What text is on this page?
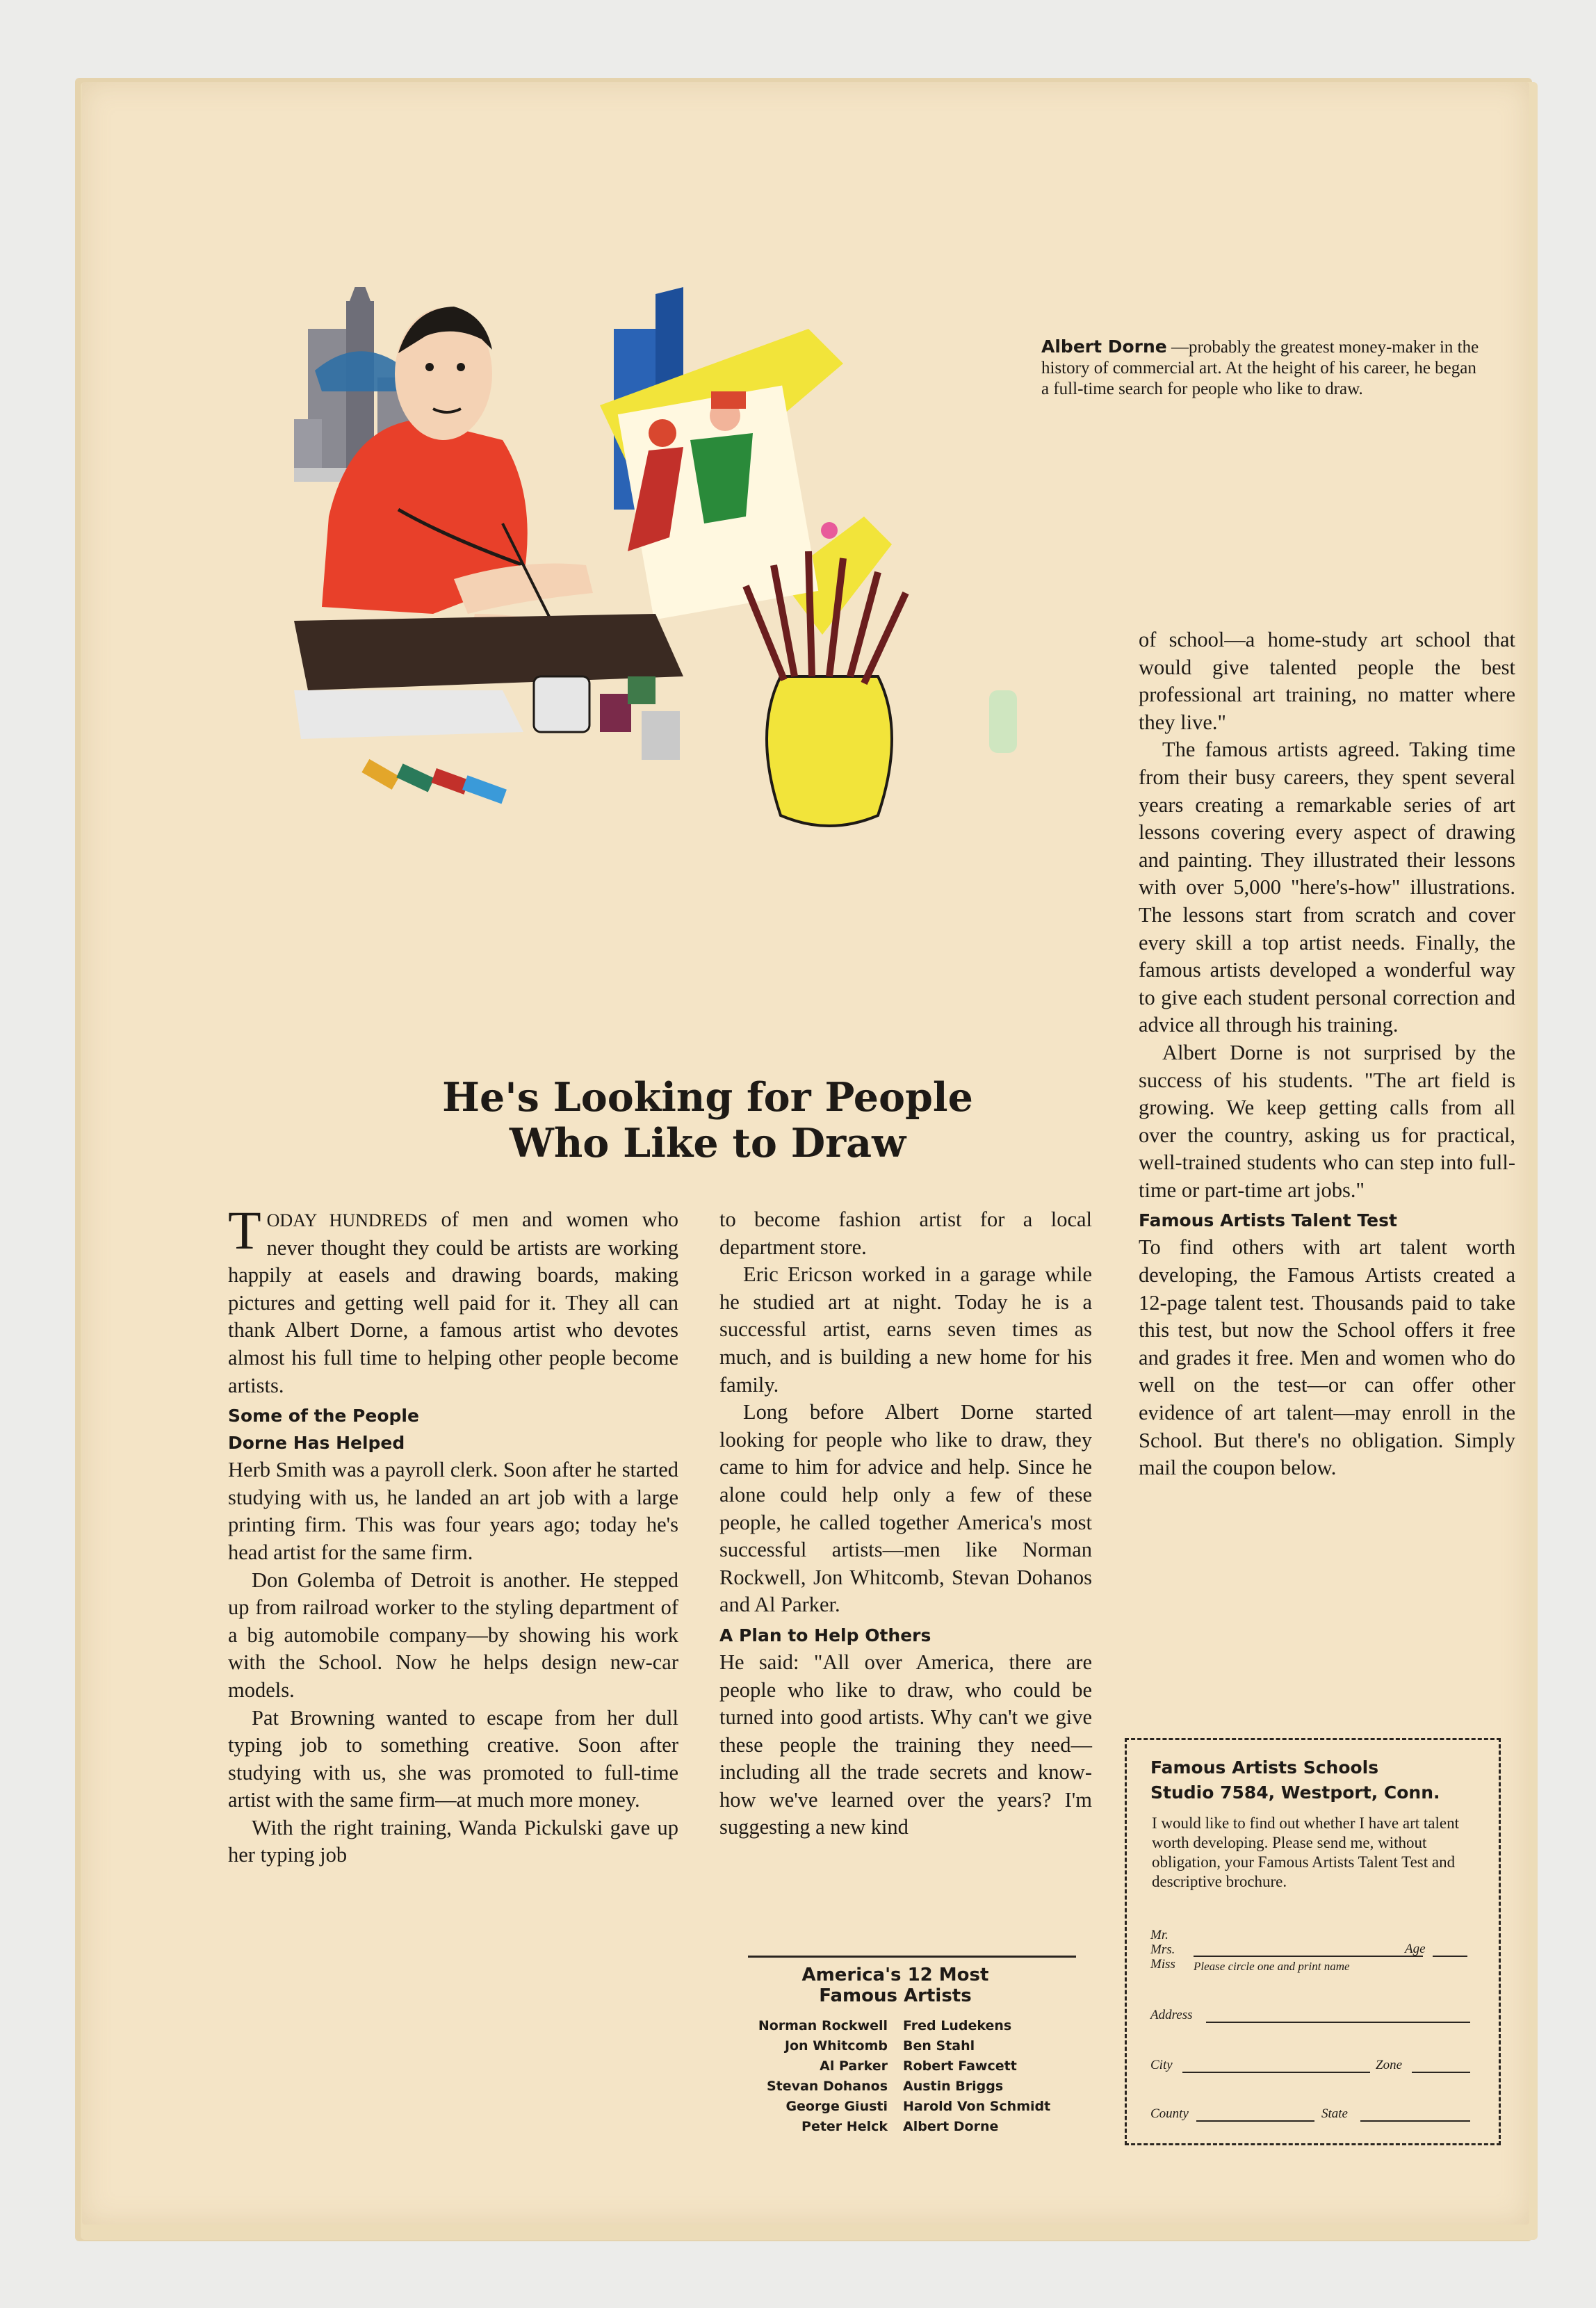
Albert Dorne —probably the greatest money-maker in the history of commercial art. At the height of his career, he began a full-time search for people who like to draw.
He's Looking for People
Who Like to Draw

TODAY HUNDREDS of men and women who never thought they could be artists are working happily at easels and drawing boards, making pictures and getting well paid for it. They all can thank Albert Dorne, a famous artist who devotes almost his full time to helping other people become artists.

Some of the People
Dorne Has Helped

Herb Smith was a payroll clerk. Soon after he started studying with us, he landed an art job with a large printing firm. This was four years ago; today he's head artist for the same firm.

Don Golemba of Detroit is another. He stepped up from railroad worker to the styling department of a big automobile company—by showing his work with the School. Now he helps design new-car models.

Pat Browning wanted to escape from her dull typing job to something creative. Soon after studying with us, she was promoted to full-time artist with the same firm—at much more money.

With the right training, Wanda Pickulski gave up her typing job

to become fashion artist for a local department store.

Eric Ericson worked in a garage while he studied art at night. Today he is a successful artist, earns seven times as much, and is building a new home for his family.

Long before Albert Dorne started looking for people who like to draw, they came to him for advice and help. Since he alone could help only a few of these people, he called together America's most successful artists—men like Norman Rockwell, Jon Whitcomb, Stevan Dohanos and Al Parker.

A Plan to Help Others

He said: "All over America, there are people who like to draw, who could be turned into good artists. Why can't we give these people the training they need—including all the trade secrets and know-how we've learned over the years? I'm suggesting a new kind

of school—a home-study art school that would give talented people the best professional art training, no matter where they live."

The famous artists agreed. Taking time from their busy careers, they spent several years creating a remarkable series of art lessons covering every aspect of drawing and painting. They illustrated their lessons with over 5,000 "here's-how" illustrations. The lessons start from scratch and cover every skill a top artist needs. Finally, the famous artists developed a wonderful way to give each student personal correction and advice all through his training.

Albert Dorne is not surprised by the success of his students. "The art field is growing. We keep getting calls from all over the country, asking us for practical, well-trained students who can step into full-time or part-time art jobs."

Famous Artists Talent Test

To find others with art talent worth developing, the Famous Artists created a 12-page talent test. Thousands paid to take this test, but now the School offers it free and grades it free. Men and women who do well on the test—or can offer other evidence of art talent—may enroll in the School. But there's no obligation. Simply mail the coupon below.

America's 12 Most
Famous Artists
Norman Rockwell Fred Ludekens
Jon Whitcomb Ben Stahl
Al Parker Robert Fawcett
Stevan Dohanos Austin Briggs
George Giusti Harold Von Schmidt
Peter Helck Albert Dorne
Famous Artists Schools
Studio 7584, Westport, Conn.
I would like to find out whether I have art talent worth developing. Please send me, without obligation, your Famous Artists Talent Test and descriptive brochure.
Mr.
Mrs.
Miss
Age
Please circle one and print name
Address
City	Zone
County	State
